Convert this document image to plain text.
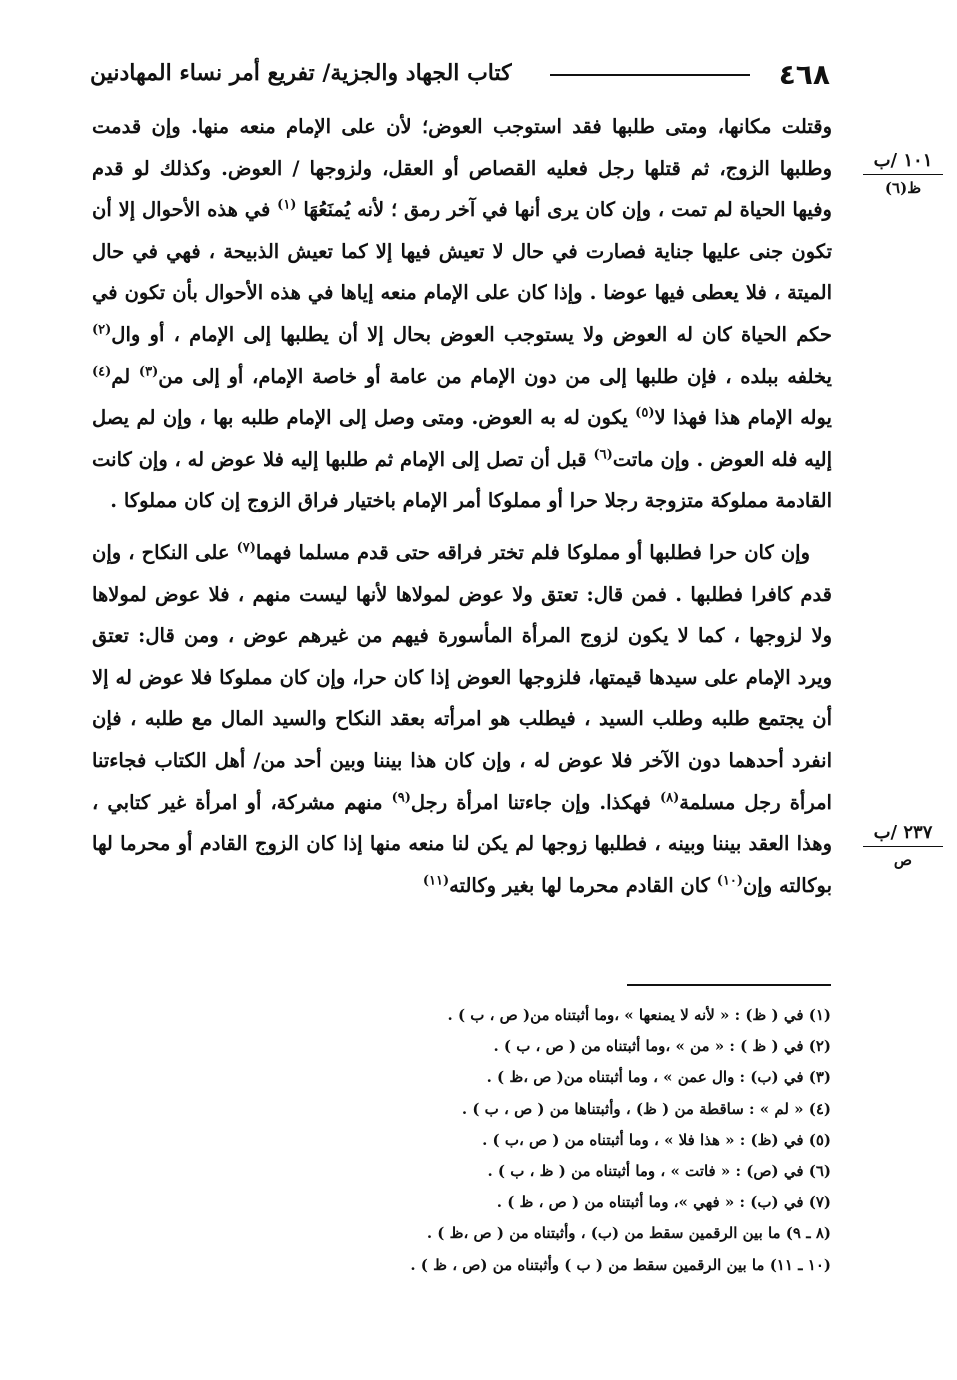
كتاب الجهاد والجزية/ تفريع أمر نساء المهادنين	٤٦٨
١٠١ /ب
ظ(٦)
٢٣٧ /ب
ص

وقتلت مكانها، ومتى طلبها فقد استوجب العوض؛ لأن على الإمام منعه منها. وإن قدمت وطلبها الزوج، ثم قتلها رجل فعليه القصاص أو العقل، ولزوجها / العوض. وكذلك لو قدم وفيها الحياة لم تمت ، وإن كان يرى أنها في آخر رمق ؛ لأنه يُمنَعُهَا $^{(١)}$ في هذه الأحوال إلا أن تكون جنى عليها جناية فصارت في حال لا تعيش فيها إلا كما تعيش الذبيحة ، فهي في حال الميتة ، فلا يعطى فيها عوضا . وإذا كان على الإمام منعه إياها في هذه الأحوال بأن تكون في حكم الحياة كان له العوض ولا يستوجب العوض بحال إلا أن يطلبها إلى الإمام ، أو وال$^{(٢)}$ يخلفه ببلده ، فإن طلبها إلى من دون الإمام من عامة أو خاصة الإمام، أو إلى من$^{(٣)}$ لم$^{(٤)}$ يوله الإمام هذا فهذا لا$^{(٥)}$ يكون له به العوض. ومتى وصل إلى الإمام طلبه بها ، وإن لم يصل إليه فله العوض . وإن ماتت$^{(٦)}$ قبل أن تصل إلى الإمام ثم طلبها إليه فلا عوض له ، وإن كانت القادمة مملوكة متزوجة رجلا حرا أو مملوكا أمر الإمام باختيار فراق الزوج إن كان مملوكا .

وإن كان حرا فطلبها أو مملوكا فلم تختر فراقه حتى قدم مسلما فهما$^{(٧)}$ على النكاح ، وإن قدم كافرا فطلبها . فمن قال: تعتق ولا عوض لمولاها لأنها ليست منهم ، فلا عوض لمولاها ولا لزوجها ، كما لا يكون لزوج المرأة المأسورة فيهم من غيرهم عوض ، ومن قال: تعتق ويرد الإمام على سيدها قيمتها، فلزوجها العوض إذا كان حرا، وإن كان مملوكا فلا عوض له إلا أن يجتمع طلبه وطلب السيد ، فيطلب هو امرأته بعقد النكاح والسيد المال مع طلبه ، فإن انفرد أحدهما دون الآخر فلا عوض له ، وإن كان هذا بيننا وبين أحد من/ أهل الكتاب فجاءتنا امرأة رجل مسلمة$^{(٨)}$ فهكذا. وإن جاءتنا امرأة رجل$^{(٩)}$ منهم مشركة، أو امرأة غير كتابي ، وهذا العقد بيننا وبينه ، فطلبها زوجها لم يكن لنا منعه منها إذا كان الزوج القادم أو محرما لها بوكالته وإن$^{(١٠)}$ كان القادم محرما لها بغير وكالته$^{(١١)}$

(١) في ( ظ) : « لأنه لا يمنعها » ،وما أثبتناه من( ص ، ب ) .
(٢) في ( ظ ) : « من » ،وما أثبتناه من ( ص ، ب ) .
(٣) في (ب) : وال عمن » ، وما أثبتناه من( ص ،ظ ) .
(٤) « لم » : ساقطة من ( ظ) ، وأثبتناها من ( ص ، ب ) .
(٥) في (ظ) : « هذا فلا » ، وما أثبتناه من ( ص ،ب ) .
(٦) في (ص) : « فاتت » ، وما أثبتناه من ( ظ ، ب ) .
(٧) في (ب) : « فهي »، وما أثبتناه من ( ص ، ظ ) .
(٨ ـ ٩) ما بين الرقمين سقط من (ب) ، وأثبتناه من ( ص ،ظ ) .
(١٠ ـ ١١) ما بين الرقمين سقط من ( ب ) وأثبتناه من (ص ، ظ ) .
